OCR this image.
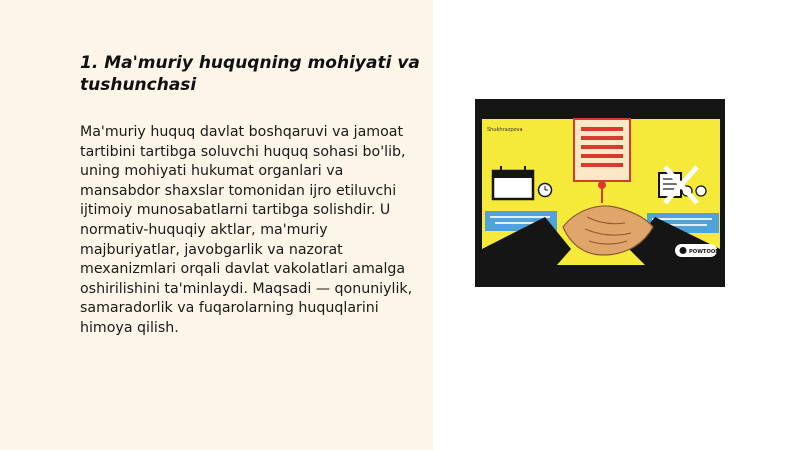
1. Ma'muriy huquqning mohiyati va tushunchasi

Ma'muriy huquq davlat boshqaruvi va jamoat tartibini tartibga soluvchi huquq sohasi bo'lib, uning mohiyati hukumat organlari va mansabdor shaxslar tomonidan ijro etiluvchi ijtimoiy munosabatlarni tartibga solishdir. U normativ-huquqiy aktlar, ma'muriy majburiyatlar, javobgarlik va nazorat mexanizmlari orqali davlat vakolatlari amalga oshirilishini ta'minlaydi. Maqsadi — qonuniylik, samaradorlik va fuqarolarning huquqlarini himoya qilish.

Shukhrazpova
POWTOON
